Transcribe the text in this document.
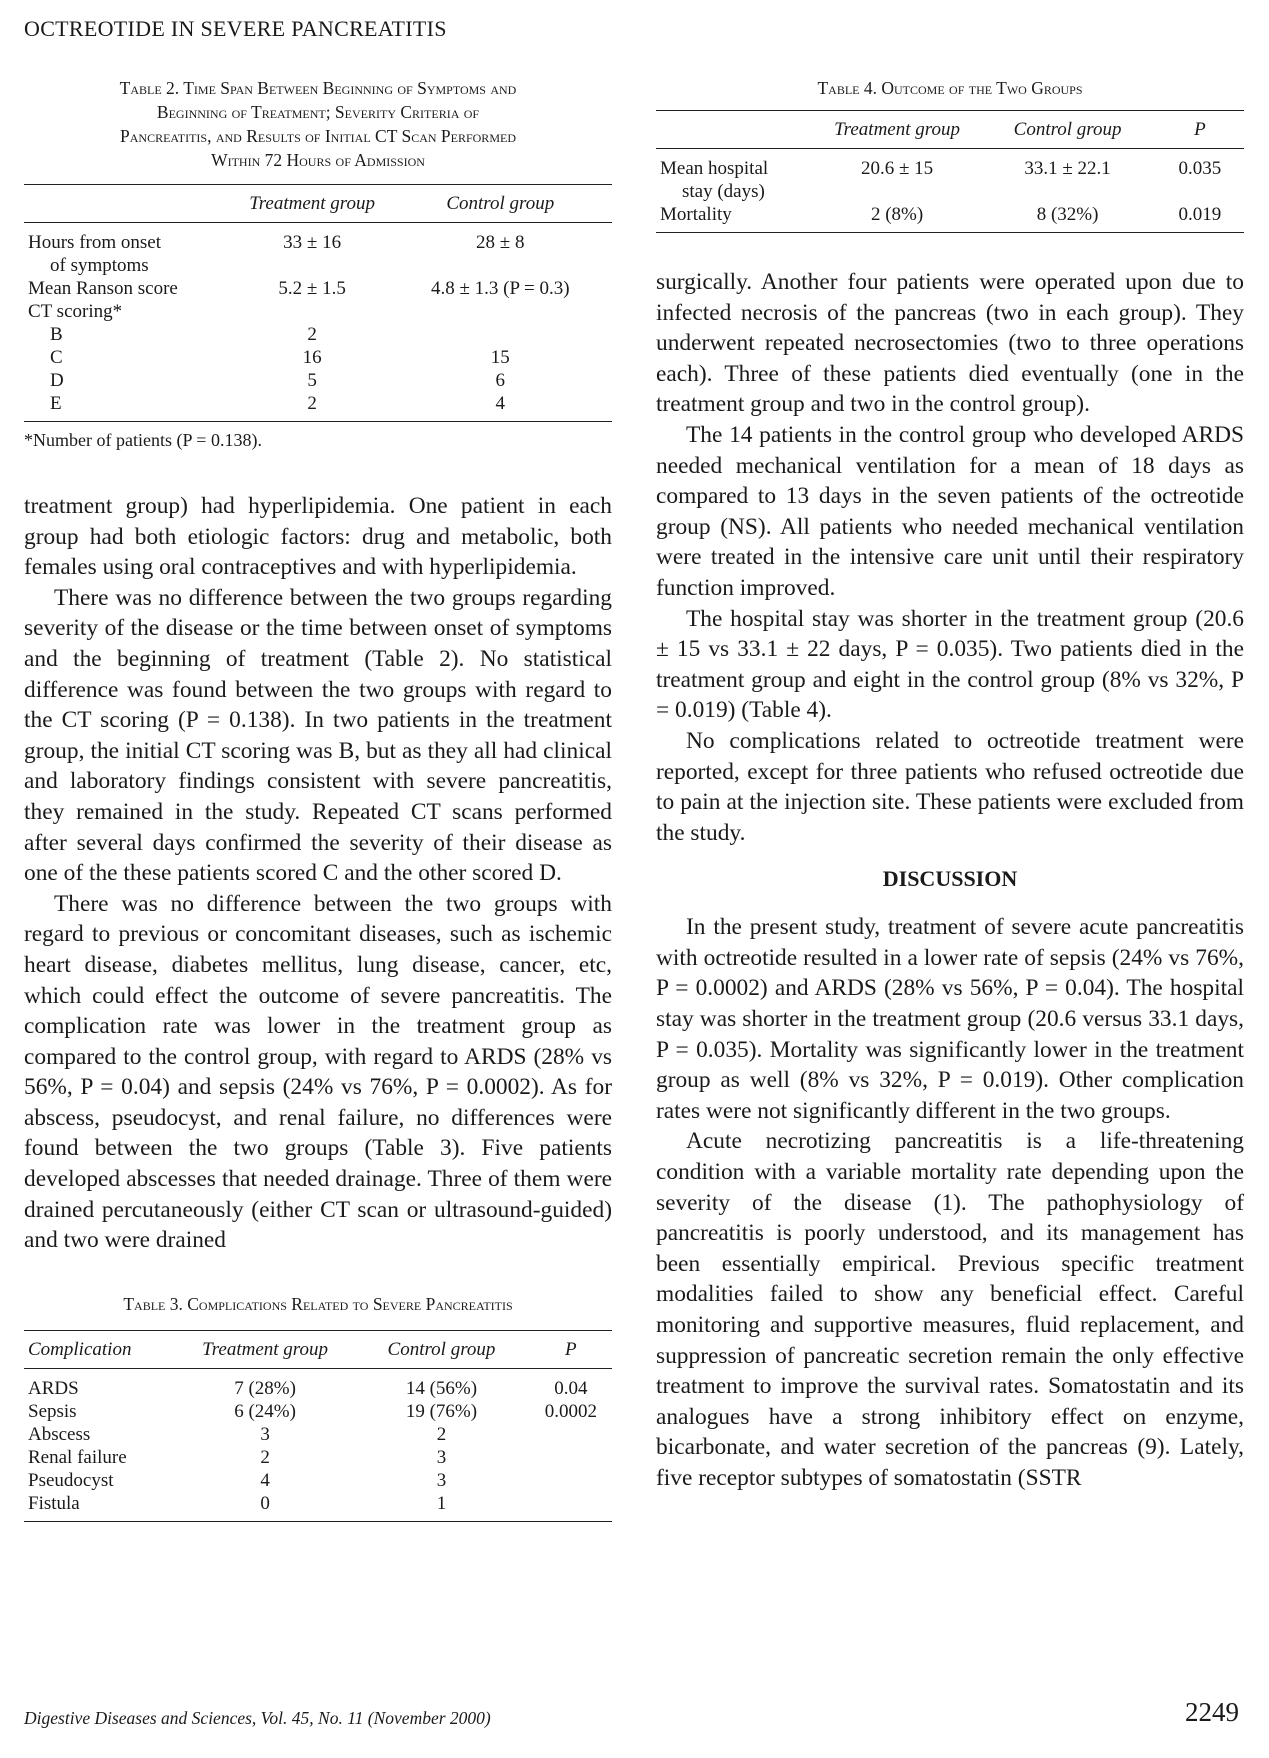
OCTREOTIDE IN SEVERE PANCREATITIS
Table 2. Time Span Between Beginning of Symptoms and
Beginning of Treatment; Severity Criteria of
Pancreatitis, and Results of Initial CT Scan Performed
Within 72 Hours of Admission
	Treatment group	Control group
Hours from onset	33 ± 16	28 ± 8
of symptoms		
Mean Ranson score	5.2 ± 1.5	4.8 ± 1.3 (P = 0.3)
CT scoring*		
B	2	
C	16	15
D	5	6
E	2	4
*Number of patients (P = 0.138).

treatment group) had hyperlipidemia. One patient in each group had both etiologic factors: drug and metabolic, both females using oral contraceptives and with hyperlipidemia.

There was no difference between the two groups regarding severity of the disease or the time between onset of symptoms and the beginning of treatment (Table 2). No statistical difference was found between the two groups with regard to the CT scoring (P = 0.138). In two patients in the treatment group, the initial CT scoring was B, but as they all had clinical and laboratory findings consistent with severe pancreatitis, they remained in the study. Repeated CT scans performed after several days confirmed the severity of their disease as one of the these patients scored C and the other scored D.

There was no difference between the two groups with regard to previous or concomitant diseases, such as ischemic heart disease, diabetes mellitus, lung disease, cancer, etc, which could effect the outcome of severe pancreatitis. The complication rate was lower in the treatment group as compared to the control group, with regard to ARDS (28% vs 56%, P = 0.04) and sepsis (24% vs 76%, P = 0.0002). As for abscess, pseudocyst, and renal failure, no differences were found between the two groups (Table 3). Five patients developed abscesses that needed drainage. Three of them were drained percutaneously (either CT scan or ultrasound-guided) and two were drained

Table 3. Complications Related to Severe Pancreatitis
Complication	Treatment group	Control group	P
ARDS	7 (28%)	14 (56%)	0.04
Sepsis	6 (24%)	19 (76%)	0.0002
Abscess	3	2	
Renal failure	2	3	
Pseudocyst	4	3	
Fistula	0	1	
Table 4. Outcome of the Two Groups
	Treatment group	Control group	P
Mean hospital	20.6 ± 15	33.1 ± 22.1	0.035
stay (days)			
Mortality	2 (8%)	8 (32%)	0.019

surgically. Another four patients were operated upon due to infected necrosis of the pancreas (two in each group). They underwent repeated necrosectomies (two to three operations each). Three of these patients died eventually (one in the treatment group and two in the control group).

The 14 patients in the control group who developed ARDS needed mechanical ventilation for a mean of 18 days as compared to 13 days in the seven patients of the octreotide group (NS). All patients who needed mechanical ventilation were treated in the intensive care unit until their respiratory function improved.

The hospital stay was shorter in the treatment group (20.6 ± 15 vs 33.1 ± 22 days, P = 0.035). Two patients died in the treatment group and eight in the control group (8% vs 32%, P = 0.019) (Table 4).

No complications related to octreotide treatment were reported, except for three patients who refused octreotide due to pain at the injection site. These patients were excluded from the study.

DISCUSSION

In the present study, treatment of severe acute pancreatitis with octreotide resulted in a lower rate of sepsis (24% vs 76%, P = 0.0002) and ARDS (28% vs 56%, P = 0.04). The hospital stay was shorter in the treatment group (20.6 versus 33.1 days, P = 0.035). Mortality was significantly lower in the treatment group as well (8% vs 32%, P = 0.019). Other complication rates were not significantly different in the two groups.

Acute necrotizing pancreatitis is a life-threatening condition with a variable mortality rate depending upon the severity of the disease (1). The pathophysiology of pancreatitis is poorly understood, and its management has been essentially empirical. Previous specific treatment modalities failed to show any beneficial effect. Careful monitoring and supportive measures, fluid replacement, and suppression of pancreatic secretion remain the only effective treatment to improve the survival rates. Somatostatin and its analogues have a strong inhibitory effect on enzyme, bicarbonate, and water secretion of the pancreas (9). Lately, five receptor subtypes of somatostatin (SSTR

Digestive Diseases and Sciences, Vol. 45, No. 11 (November 2000)	2249
